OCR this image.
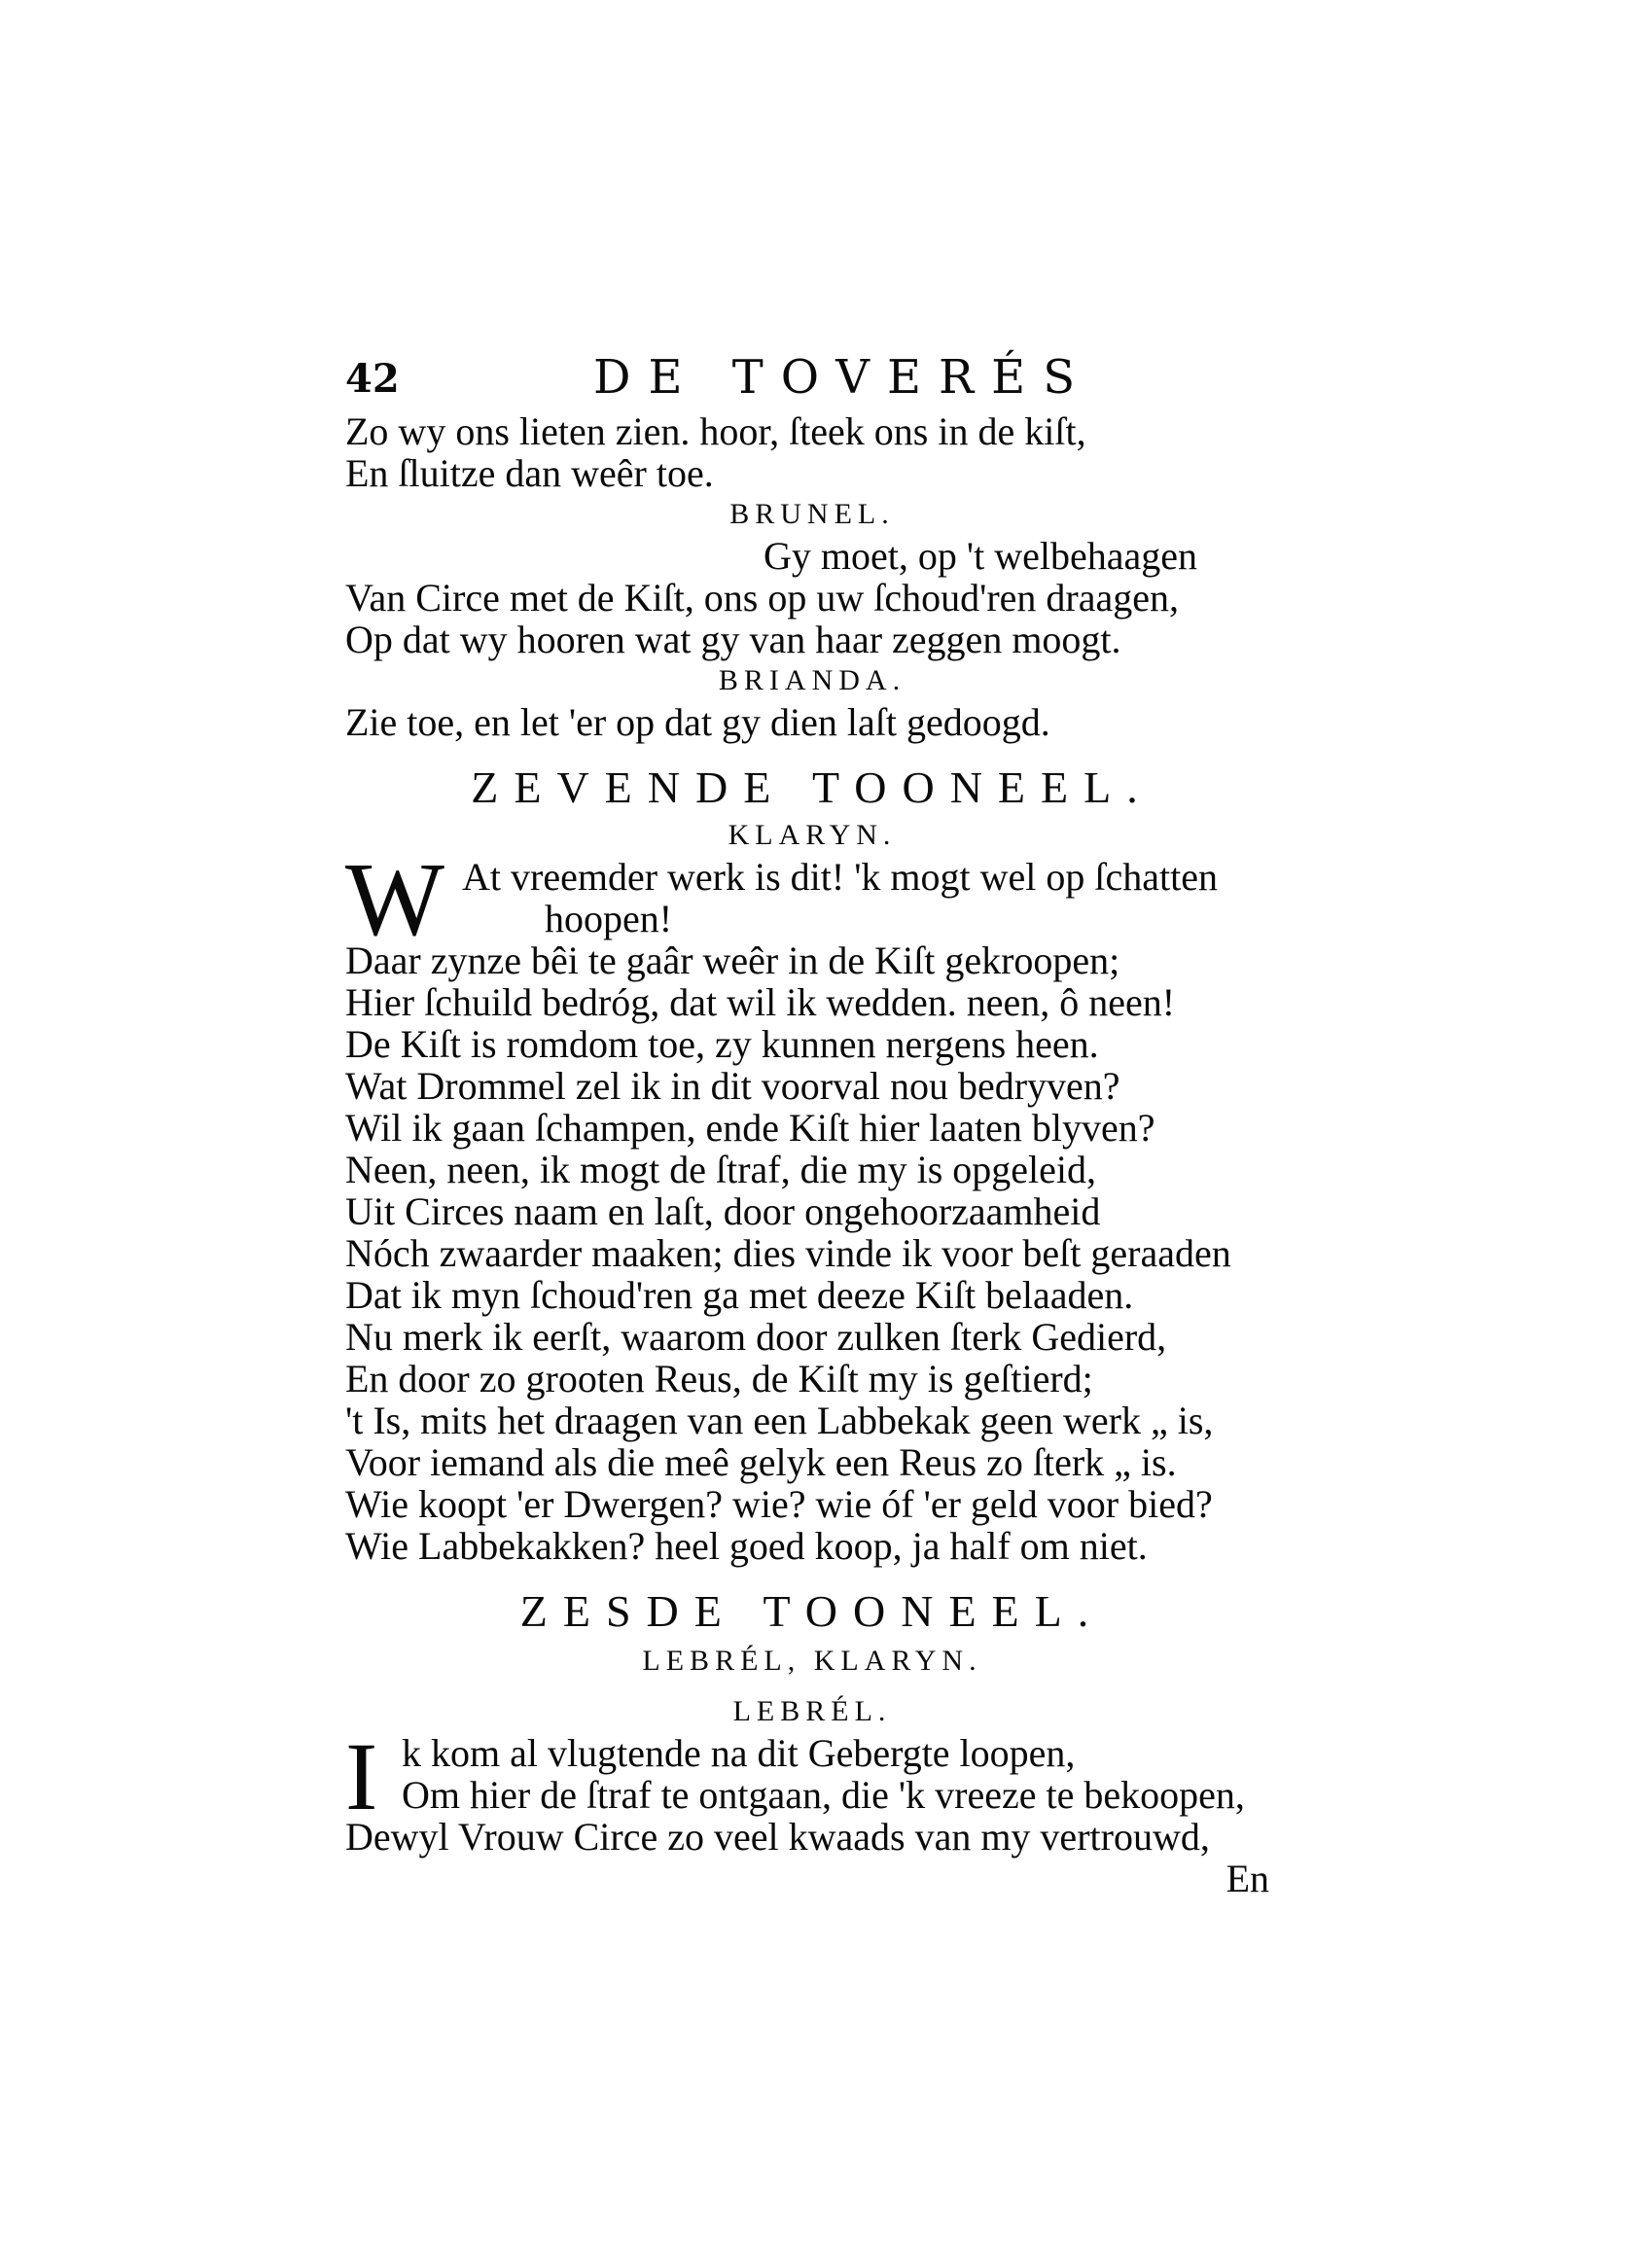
42	DE TOVERÉS
Zo wy ons lieten zien. hoor, ſteek ons in de kiſt,
En ſluitze dan weêr toe.
BRUNEL.
Gy moet, op 't welbehaagen
Van Circe met de Kiſt, ons op uw ſchoud'ren draagen,
Op dat wy hooren wat gy van haar zeggen moogt.
BRIANDA.
Zie toe, en let 'er op dat gy dien laſt gedoogd.
ZEVENDE TOONEEL.
KLARYN.
W At vreemder werk is dit! 'k mogt wel op ſchatten
hoopen!
Daar zynze bêi te gaâr weêr in de Kiſt gekroopen;
Hier ſchuild bedróg, dat wil ik wedden. neen, ô neen!
De Kiſt is romdom toe, zy kunnen nergens heen.
Wat Drommel zel ik in dit voorval nou bedryven?
Wil ik gaan ſchampen, ende Kiſt hier laaten blyven?
Neen, neen, ik mogt de ſtraf, die my is opgeleid,
Uit Circes naam en laſt, door ongehoorzaamheid
Nóch zwaarder maaken; dies vinde ik voor beſt geraaden
Dat ik myn ſchoud'ren ga met deeze Kiſt belaaden.
Nu merk ik eerſt, waarom door zulken ſterk Gedierd,
En door zo grooten Reus, de Kiſt my is geſtierd;
't Is, mits het draagen van een Labbekak geen werk „ is,
Voor iemand als die meê gelyk een Reus zo ſterk „ is.
Wie koopt 'er Dwergen? wie? wie óf 'er geld voor bied?
Wie Labbekakken? heel goed koop, ja half om niet.
ZESDE TOONEEL.
LEBRÉL, KLARYN.
LEBRÉL.
I k kom al vlugtende na dit Gebergte loopen,
Om hier de ſtraf te ontgaan, die 'k vreeze te bekoopen,
Dewyl Vrouw Circe zo veel kwaads van my vertrouwd,
En
